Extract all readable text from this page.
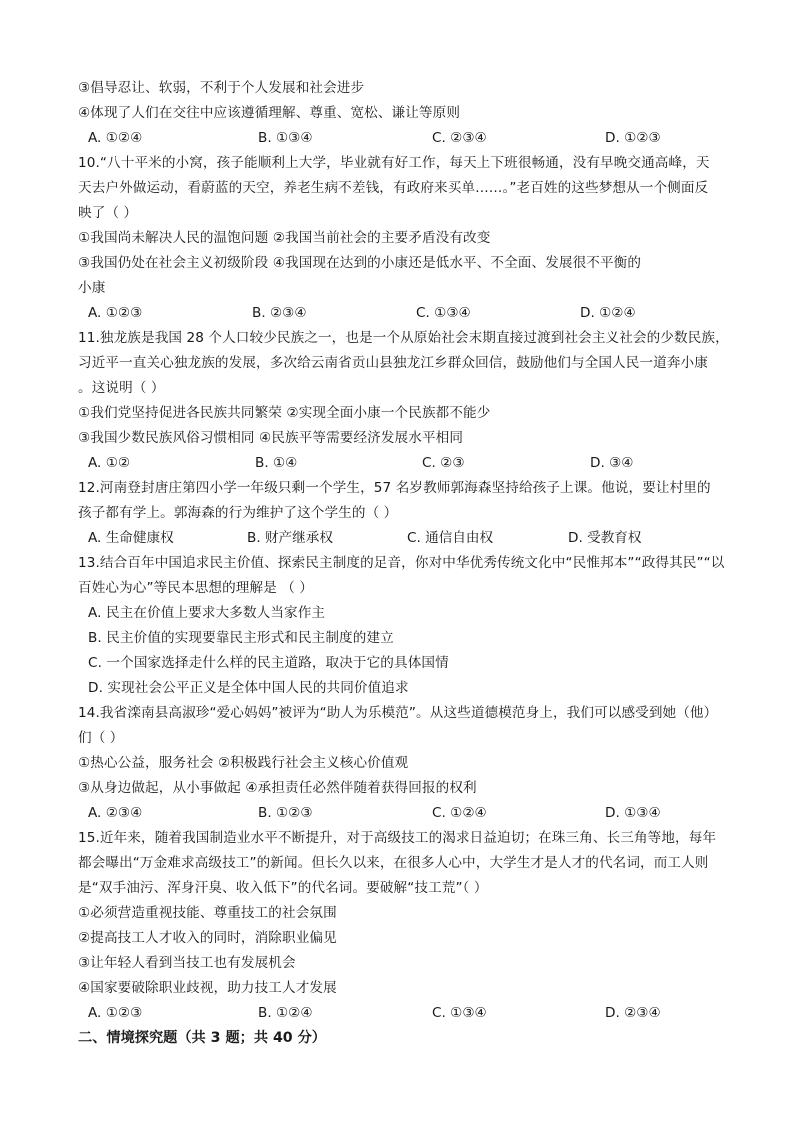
③倡导忍让、软弱，不利于个人发展和社会进步
④体现了人们在交往中应该遵循理解、尊重、宽松、谦让等原则
A. ①②④	B. ①③④	C. ②③④	D. ①②③
10.“八十平米的小窝，孩子能顺利上大学，毕业就有好工作，每天上下班很畅通，没有早晚交通高峰，天
天去户外做运动，看蔚蓝的天空，养老生病不差钱，有政府来买单……。”老百姓的这些梦想从一个侧面反
映了（ ）
①我国尚未解决人民的温饱问题 ②我国当前社会的主要矛盾没有改变
③我国仍处在社会主义初级阶段 ④我国现在达到的小康还是低水平、不全面、发展很不平衡的
小康
A. ①②③	B. ②③④	C. ①③④	D. ①②④
11.独龙族是我国 28 个人口较少民族之一，也是一个从原始社会末期直接过渡到社会主义社会的少数民族，
习近平一直关心独龙族的发展，多次给云南省贡山县独龙江乡群众回信，鼓励他们与全国人民一道奔小康
。这说明（ ）
①我们党坚持促进各民族共同繁荣 ②实现全面小康一个民族都不能少
③我国少数民族风俗习惯相同 ④民族平等需要经济发展水平相同
A. ①②	B. ①④	C. ②③	D. ③④
12.河南登封唐庄第四小学一年级只剩一个学生，57 名岁教师郭海森坚持给孩子上课。他说，要让村里的
孩子都有学上。郭海森的行为维护了这个学生的（ ）
A. 生命健康权	B. 财产继承权	C. 通信自由权	D. 受教育权
13.结合百年中国追求民主价值、探索民主制度的足音，你对中华优秀传统文化中“民惟邦本”“政得其民”“以
百姓心为心”等民本思想的理解是 （ ）
A. 民主在价值上要求大多数人当家作主
B. 民主价值的实现要靠民主形式和民主制度的建立
C. 一个国家选择走什么样的民主道路，取决于它的具体国情
D. 实现社会公平正义是全体中国人民的共同价值追求
14.我省滦南县高淑珍“爱心妈妈”被评为“助人为乐模范”。从这些道德模范身上，我们可以感受到她（他）
们（ ）
①热心公益，服务社会 ②积极践行社会主义核心价值观
③从身边做起，从小事做起 ④承担责任必然伴随着获得回报的权利
A. ②③④	B. ①②③	C. ①②④	D. ①③④
15.近年来，随着我国制造业水平不断提升，对于高级技工的渴求日益迫切；在珠三角、长三角等地，每年
都会曝出“万金难求高级技工”的新闻。但长久以来，在很多人心中，大学生才是人才的代名词，而工人则
是“双手油污、浑身汗臭、收入低下”的代名词。要破解“技工荒”（ ）
①必须营造重视技能、尊重技工的社会氛围
②提高技工人才收入的同时，消除职业偏见
③让年轻人看到当技工也有发展机会
④国家要破除职业歧视，助力技工人才发展
A. ①②③	B. ①②④	C. ①③④	D. ②③④
二、情境探究题（共 3 题；共 40 分）
